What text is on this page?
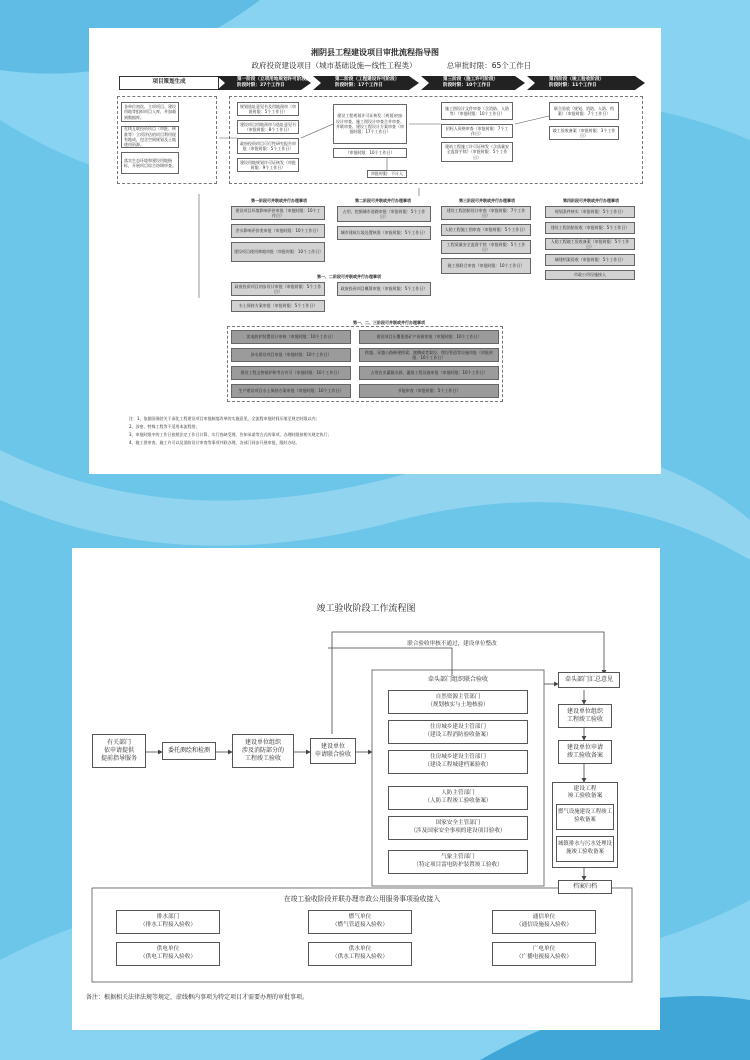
湘阴县工程建设项目审批流程指导图
政府投资建设项目（城市基础设施—线性工程类）	总审批时限：65个工作日
项目策划生成	第一阶段（立项用地规划许可阶段）
阶段时限：27个工作日
第二阶段（工程建设许可阶段）
阶段时限：17个工作日
第三阶段（施工许可阶段）
阶段时限：10个工作日
第四阶段（竣工验收阶段）
阶段时限：11个工作日
各单位初次、立项项目、建设用地等组织项目入库，并加载到数据库。
在线互联投资项目（审批、核准等）立项评估的项目利用现有地成，包含空间规划及土地使用资源。
落实生态环境和建设用地指标，开展项目综合协调审查。
规划选址意见书及用地预审（审批时限：5个工作日）
建设项目用地预审与选址意见书（审批时限：8个工作日）
政府投资项目可行性研究报告审批（审批时限：5个工作日）
建设用地规划许可证核发（审批时限：9个工作日）
建设工程规划许可证核发（规划)初步设计审查、施工图设计审查合并审查、并联审查、建设工程设计方案审查（审批时限：17个工作日）
（审批时限：10个工作日）
审批时限：不计入
施工图设计文件审查（含消防、人防等）（审批时限：10个工作日）
招标人资格审查（审批时限：7个工作日）
建筑工程施工许可证核发（含质量安全监督手续）（审批时限：5个工作日）
联合验收（规划、消防、人防、档案）（审批时限：7个工作日）
竣工验收备案（审批时限：3个工作日）
第一阶段可并联或并行办理事项	第二阶段可并联或并行办理事项	第三阶段可并联或并行办理事项	第四阶段可并联或并行办理事项
建设项目环境影响评价审批（审批时限：10个工作日）
洪水影响评价类审批（审批时限：10个工作日）
建设项目使用林地审批（审批时限：10个工作日）
占用、挖掘城市道路审批（审批时限：5个工作日）
城市建筑垃圾处置核准（审批时限：5个工作日）
建设工程消防设计审查（审批时限：7个工作日）
人防工程施工图审查（审批时限：5个工作日）
工程质量安全监督手续（审批时限：5个工作日）
施工图联合审查（审批时限：10个工作日）
规划条件核实（审批时限：5个工作日）
建设工程消防验收（审批时限：5个工作日）
人防工程竣工验收备案（审批时限：5个工作日）
城建档案验收（审批时限：5个工作日）
市政公用设施接入
第一、二阶段可并联或并行办理事项
政府投资项目初步设计审批（审批时限：5个工作日）
政府投资项目概算审批（审批时限：5个工作日）
水土保持方案审批（审批时限：5个工作日）
第一、二、三阶段可并联或并行办理事项
雷电防护装置设计审核（审批时限：10个工作日）
涉水建设项目审批（审批时限：10个工作日）
建设工程文物保护和考古许可（审批时限：10个工作日）
生产建设项目水土保持方案审批（审批时限：10个工作日）
建设项目压覆重要矿产资源审批（审批时限：10个工作日）
跨越、穿越公路修建桥梁、渡槽或者架设、埋设管道等设施审批（审批时限：10个工作日）
占用农业灌溉水源、灌排工程设施审批（审批时限：10个工作日）
节能审查（审批时限：5个工作日）
注：1、依据国务院关于深化工程建设项目审批制度改革的实施意见，全流程审批时间压缩至规定时限以内；
2、涉密、特殊工程等不适用本流程图；
3、审批时限中的工作日按照法定工作日计算，实行容缺受理、告知承诺等方式的事项，办理时限按相关规定执行；
4、施工图审查、施工许可以及消防设计审查等事项并联办理，各部门同步开展审批，限时办结。
竣工验收阶段工作流程图
联合验收审核不通过，建设单位整改
有关部门
依申请提供
提前指导服务
委托测绘和检测
建设单位组织
涉及消防部分的
工程竣工验收
建设单位
申请联合验收
牵头部门组织联合验收
自然资源主管部门
（规划核实与土地核验）
住房城乡建设主管部门
（建设工程消防验收备案）
住房城乡建设主管部门
（建设工程城建档案验收）
人防主管部门
（人防工程竣工验收备案）
国家安全主管部门
（涉及国家安全事项的建设项目验收）
气象主管部门
（特定项目雷电防护装置竣工验收）
牵头部门汇总意见
建设单位组织
工程竣工验收
建设单位申请
竣工验收备案
建设工程
竣工验收备案
燃气设施建设工程竣工验收备案
城镇排水与污水处理设施竣工验收备案
档案归档
在竣工验收阶段并联办理市政公用服务事项验收接入
排水部门
（排水工程接入验收）
燃气单位
（燃气管道接入验收）
通信单位
（通信设施接入验收）
供电单位
（供电工程接入验收）
供水单位
（供水工程接入验收）
广电单位
（广播电视接入验收）
备注：根据相关法律法规等规定，虚线框内事项为特定项目才需要办理的审批事项。
